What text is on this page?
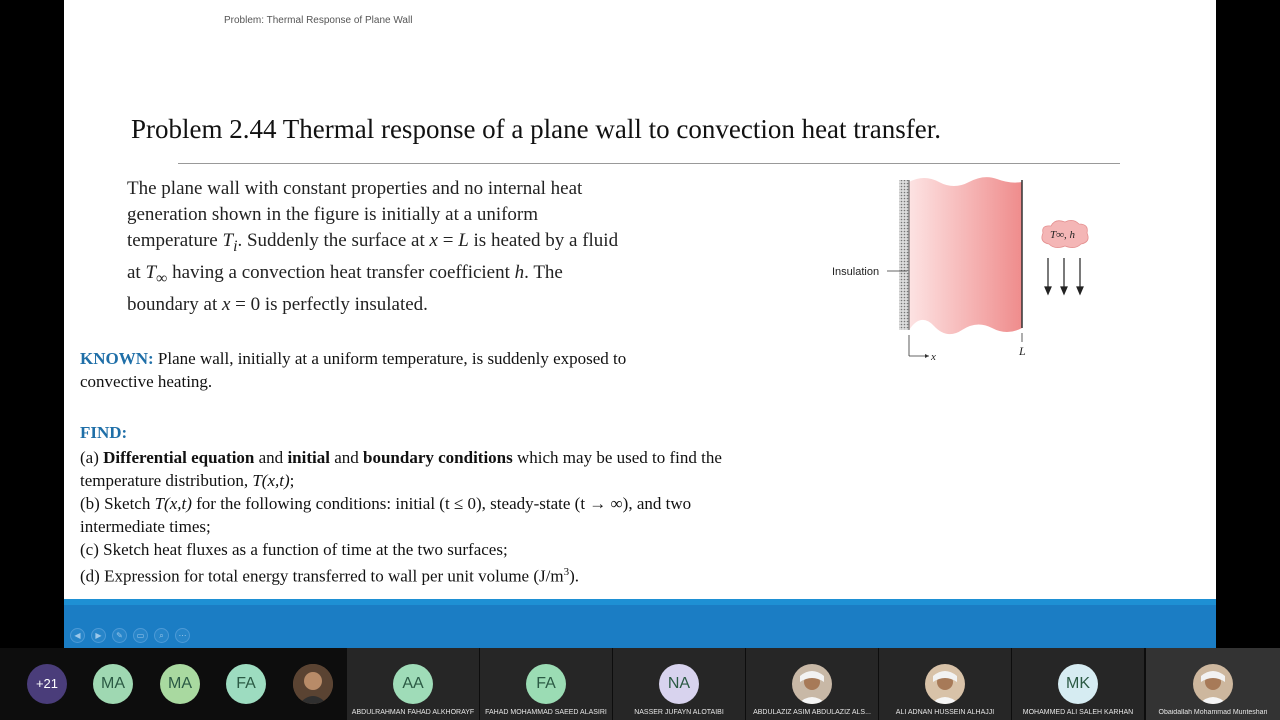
Problem: Thermal Response of Plane Wall
Problem 2.44 Thermal response of a plane wall to convection heat transfer.
The plane wall with constant properties and no internal heat generation shown in the figure is initially at a uniform temperature $T_i$. Suddenly the surface at x = L is heated by a fluid at $T_\infty$ having a convection heat transfer coefficient h. The boundary at x = 0 is perfectly insulated.
KNOWN: Plane wall, initially at a uniform temperature, is suddenly exposed to convective heating.
FIND:

(a) Differential equation and initial and boundary conditions which may be used to find the temperature distribution, T(x,t);

(b) Sketch T(x,t) for the following conditions: initial (t ≤ 0), steady-state (t → ∞), and two intermediate times;

(c) Sketch heat fluxes as a function of time at the two surfaces;

(d) Expression for total energy transferred to wall per unit volume $(J/m^3)$.

Insulation
x	L
T∞, h
◀	▶	✎	▭	⌕	⋯
+21	MA	MA	FA	AA
ABDULRAHMAN FAHAD ALKHORAYF
FA
FAHAD MOHAMMAD SAEED ALASIRI
NA
NASSER JUFAYN ALOTAIBI	ABDULAZIZ ASIM ABDULAZIZ ALS...	ALI ADNAN HUSSEIN ALHAJJI
MK
MOHAMMED ALI SALEH KARHAN	Obaidallah Mohammad Munteshari
